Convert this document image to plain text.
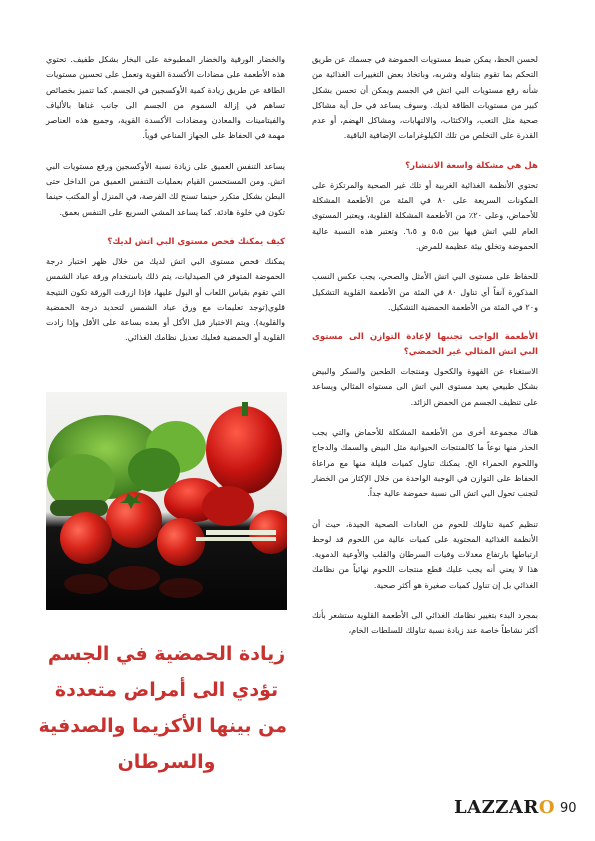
لحسن الحظ، يمكن ضبط مستويات الحموضة في جسمك عن طريق التحكم بما تقوم بتناوله وشربه، وباتخاذ بعض التغييرات الغذائية من شأنه رفع مستويات البي اتش في الجسم ويمكن أن تحسن بشكل كبير من مستويات الطاقة لديك. وسوف يساعد في حل أية مشاكل صحية مثل التعب، والاكتئاب، والالتهابات، ومشاكل الهضم، أو عدم القدرة على التخلص من تلك الكيلوغرامات الإضافية الباقية.

هل هي مشكلة واسعة الانتشار؟

تحتوي الأنظمة الغذائية الغربية أو تلك غير الصحية والمرتكزة على المكونات السريعة على ٨٠ في المئة من الأطعمة المشكلة للأحماض، وعلى ٢٠٪ من الأطعمة المشكلة القلوية، ويعتبر المستوى العام للبي اتش فيها بين ٥،٥ و ٦،٥. وتعتبر هذه النسبة عالية الحموضة وتخلق بيئة عظيمة للمرض.

للحفاظ على مستوى البي اتش الأمثل والصحي، يجب عكس النسب المذكورة آنفاً أي تناول ٨٠ في المئة من الأطعمة القلوية التشكيل و٢٠ في المئة من الأطعمة الحمضية التشكيل.

الأطعمة الواجب تجنبها لإعادة التوازن الى مستوى البي اتش المثالي غير الحمضي؟

الاستغناء عن القهوة والكحول ومنتجات الطحين والسكر والبيض بشكل طبيعي يعيد مستوى البي اتش الى مستواه المثالي ويساعد على تنظيف الجسم من الحمض الزائد.

هناك مجموعة أخرى من الأطعمة المشكلة للأحماض والتي يجب الحذر منها نوعاً ما كالمنتجات الحيوانية مثل البيض والسمك والدجاج واللحوم الحمراء الخ. يمكنك تناول كميات قليلة منها مع مراعاة الحفاظ على التوازن في الوجبة الواحدة من خلال الإكثار من الخضار لتجنب تحول البي اتش الى نسبة حموضة عالية جداً.

تنظيم كمية تناولك للحوم من العادات الصحية الجيدة، حيث أن الأنظمة الغذائية المحتوية على كميات عالية من اللحوم قد لوحظ ارتباطها بارتفاع معدلات وفيات السرطان والقلب والأوعية الدموية. هذا لا يعني أنه يجب عليك قطع منتجات اللحوم نهائياً من نظامك الغذائي بل إن تناول كميات صغيرة هو أكثر صحية.

بمجرد البدء بتغيير نظامك الغذائي الى الأطعمة القلوية ستشعر بأنك أكثر نشاطاً خاصة عند زيادة نسبة تناولك للسلطات الخام،

والخضار الورقية والخضار المطبوخة على البخار بشكل طفيف. تحتوي هذه الأطعمة على مضادات الأكسدة القوية وتعمل على تحسين مستويات الطاقة عن طريق زيادة كمية الأوكسجين في الجسم. كما تتميز بخصائص تساهم في إزالة السموم من الجسم الى جانب غناها بالألياف والفيتامينات والمعادن ومضادات الأكسدة القوية، وجميع هذه العناصر مهمة في الحفاظ على الجهاز المناعي قوياً.

يساعد التنفس العميق على زيادة نسبة الأوكسجين ورفع مستويات البي اتش. ومن المستحسن القيام بعمليات التنفس العميق من الداخل حتى البطن بشكل متكرر حينما تسنح لك الفرصة، في المنزل أو المكتب حينما تكون في خلوة هادئة. كما يساعد المشي السريع على التنفس بعمق.

كيف يمكنك فحص مستوى البي اتش لديك؟

يمكنك فحص مستوى البي اتش لديك من خلال ظهر اختبار درجة الحموضة المتوفر في الصيدليات، يتم ذلك باستخدام ورقة عباد الشمس التي تقوم بقياس اللعاب أو البول عليها، فإذا ازرقت الورقة تكون النتيجة قلوي(توجد تعليمات مع ورق عباد الشمس لتحديد درجة الحمضية والقلوية). ويتم الاختبار قبل الأكل أو بعده بساعة على الأقل وإذا زادت القلوية أو الحمضية فعليك تعديل نظامك الغذائي.

زيادة الحمضية في الجسم
تؤدي الى أمراض متعددة
من بينها الأكزيما والصدفية
والسرطان
LAZZARO 90
